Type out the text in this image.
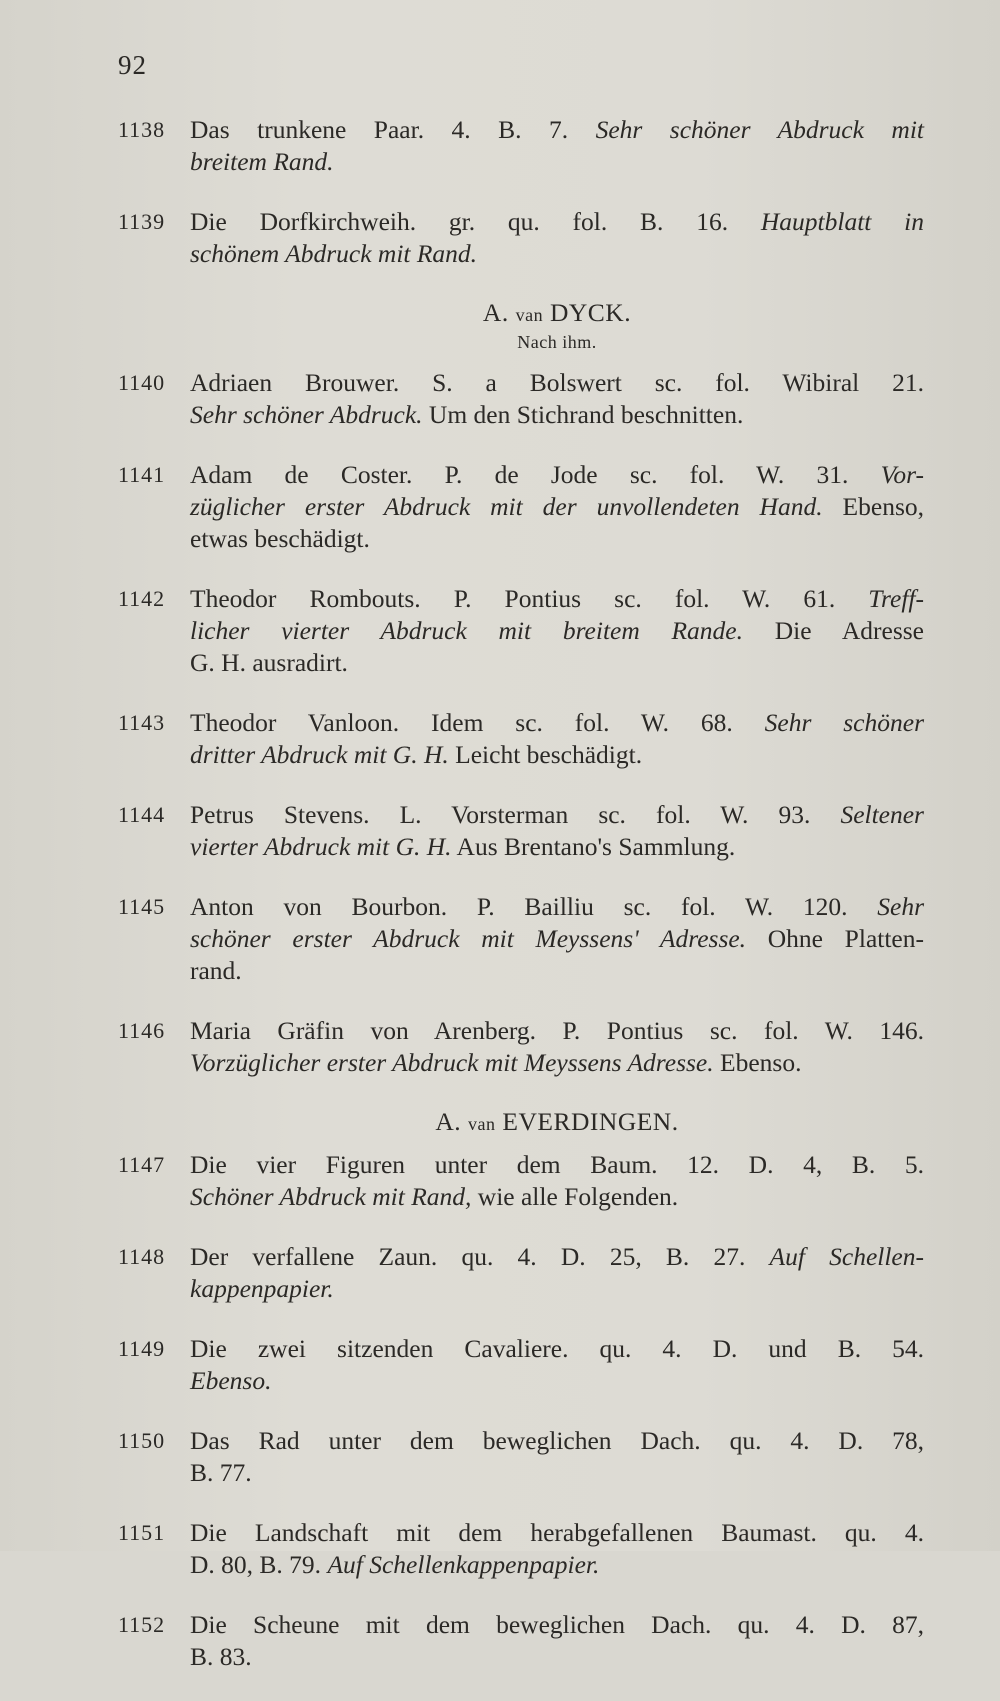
92
1138 Das trunkene Paar. 4. B. 7. Sehr schöner Abdruck mit
breitem Rand.
1139 Die Dorfkirchweih. gr. qu. fol. B. 16. Hauptblatt in
schönem Abdruck mit Rand.
A. van DYCK.
Nach ihm.
1140 Adriaen Brouwer. S. a Bolswert sc. fol. Wibiral 21.
Sehr schöner Abdruck. Um den Stichrand beschnitten.
1141 Adam de Coster. P. de Jode sc. fol. W. 31. Vor-
züglicher erster Abdruck mit der unvollendeten Hand. Ebenso,
etwas beschädigt.
1142 Theodor Rombouts. P. Pontius sc. fol. W. 61. Treff-
licher vierter Abdruck mit breitem Rande. Die Adresse
G. H. ausradirt.
1143 Theodor Vanloon. Idem sc. fol. W. 68. Sehr schöner
dritter Abdruck mit G. H. Leicht beschädigt.
1144 Petrus Stevens. L. Vorsterman sc. fol. W. 93. Seltener
vierter Abdruck mit G. H. Aus Brentano's Sammlung.
1145 Anton von Bourbon. P. Bailliu sc. fol. W. 120. Sehr
schöner erster Abdruck mit Meyssens' Adresse. Ohne Platten-
rand.
1146 Maria Gräfin von Arenberg. P. Pontius sc. fol. W. 146.
Vorzüglicher erster Abdruck mit Meyssens Adresse. Ebenso.
A. van EVERDINGEN.
1147 Die vier Figuren unter dem Baum. 12. D. 4, B. 5.
Schöner Abdruck mit Rand, wie alle Folgenden.
1148 Der verfallene Zaun. qu. 4. D. 25, B. 27. Auf Schellen-
kappenpapier.
1149 Die zwei sitzenden Cavaliere. qu. 4. D. und B. 54.
Ebenso.
1150 Das Rad unter dem beweglichen Dach. qu. 4. D. 78,
B. 77.
1151 Die Landschaft mit dem herabgefallenen Baumast. qu. 4.
D. 80, B. 79. Auf Schellenkappenpapier.
1152 Die Scheune mit dem beweglichen Dach. qu. 4. D. 87,
B. 83.
